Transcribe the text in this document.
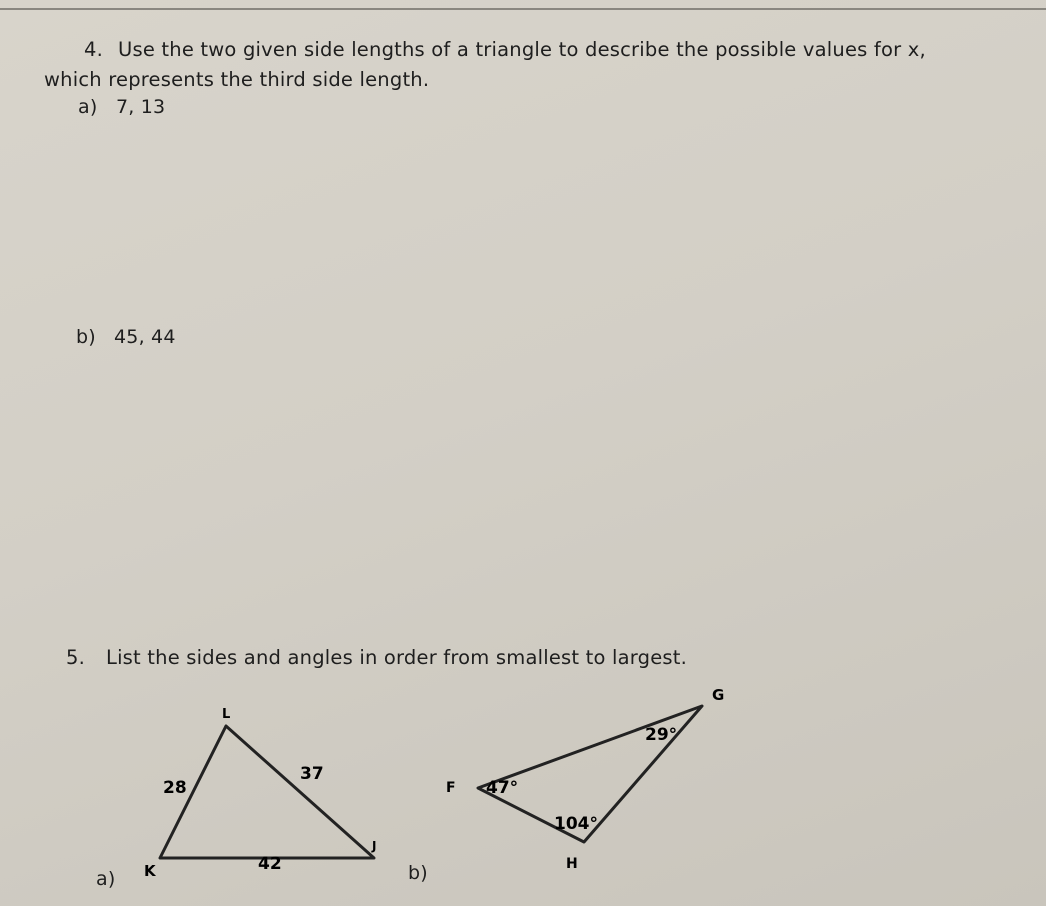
4. Use the two given side lengths of a triangle to describe the possible values for x,
which represents the third side length.
a) 7, 13
b) 45, 44
5. List the sides and angles in order from smallest to largest.
a)	b)
L
K
J
28
37
42
G
F
H
29°
47°
104°
